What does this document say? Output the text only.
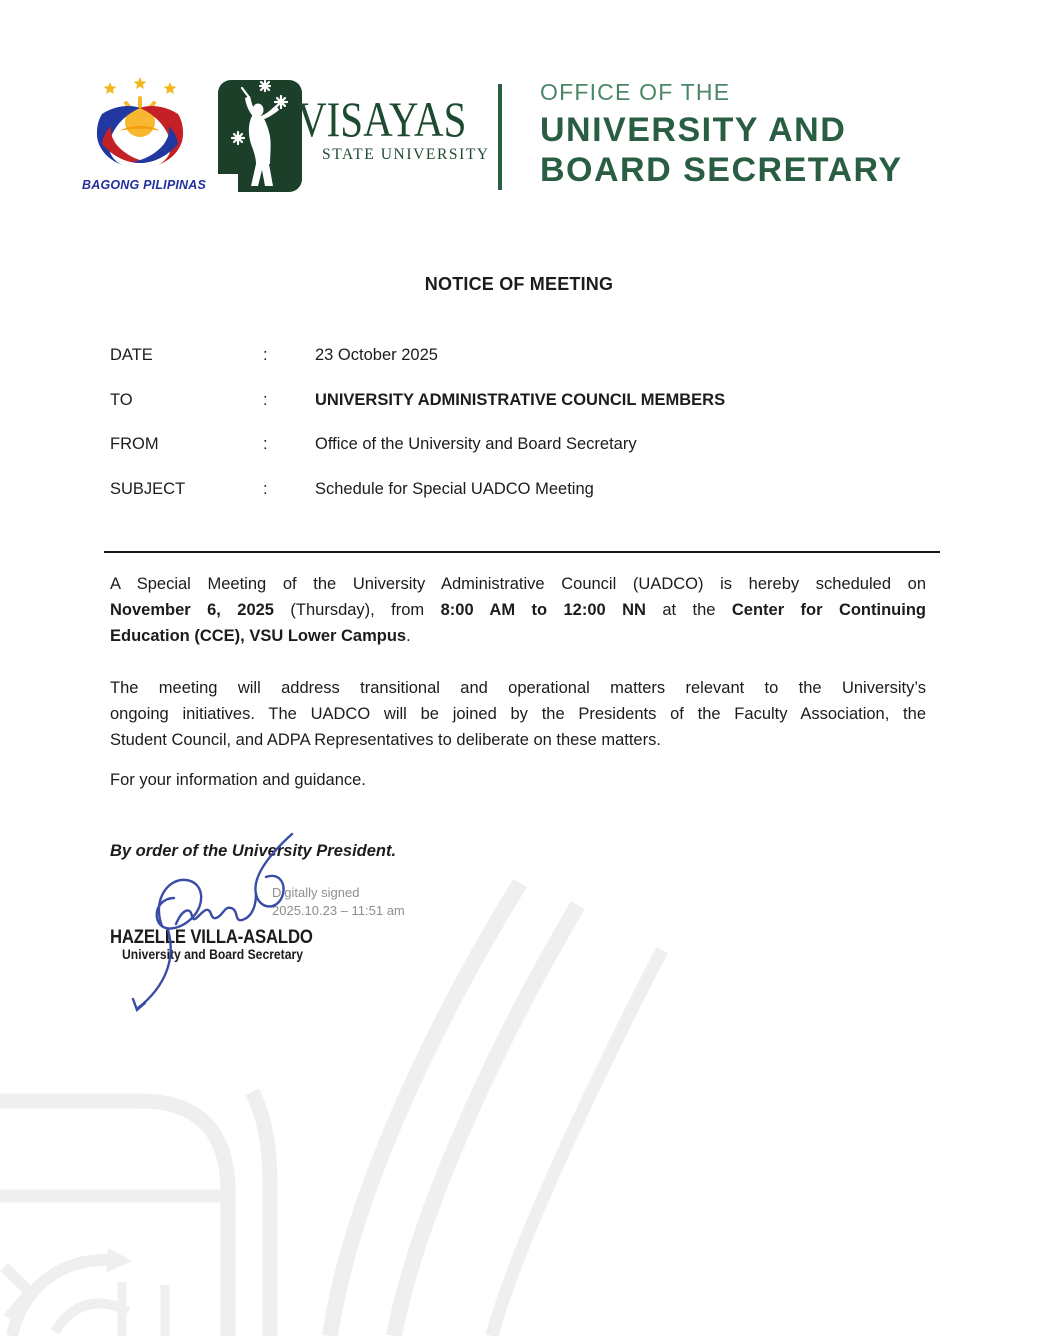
BAGONG PILIPINAS
VISAYAS
STATE UNIVERSITY
OFFICE OF THE
UNIVERSITY AND
BOARD SECRETARY
NOTICE OF MEETING
DATE	:	23 October 2025
TO	:	UNIVERSITY ADMINISTRATIVE COUNCIL MEMBERS
FROM	:	Office of the University and Board Secretary
SUBJECT	:	Schedule for Special UADCO Meeting
A Special Meeting of the University Administrative Council (UADCO) is hereby scheduled on
November 6, 2025 (Thursday), from 8:00 AM to 12:00 NN at the Center for Continuing
Education (CCE), VSU Lower Campus.
The meeting will address transitional and operational matters relevant to the University’s
ongoing initiatives. The UADCO will be joined by the Presidents of the Faculty Association, the
Student Council, and ADPA Representatives to deliberate on these matters.
For your information and guidance.
By order of the University President.
Digitally signed
2025.10.23 – 11:51 am
HAZELLE VILLA-ASALDO
University and Board Secretary
